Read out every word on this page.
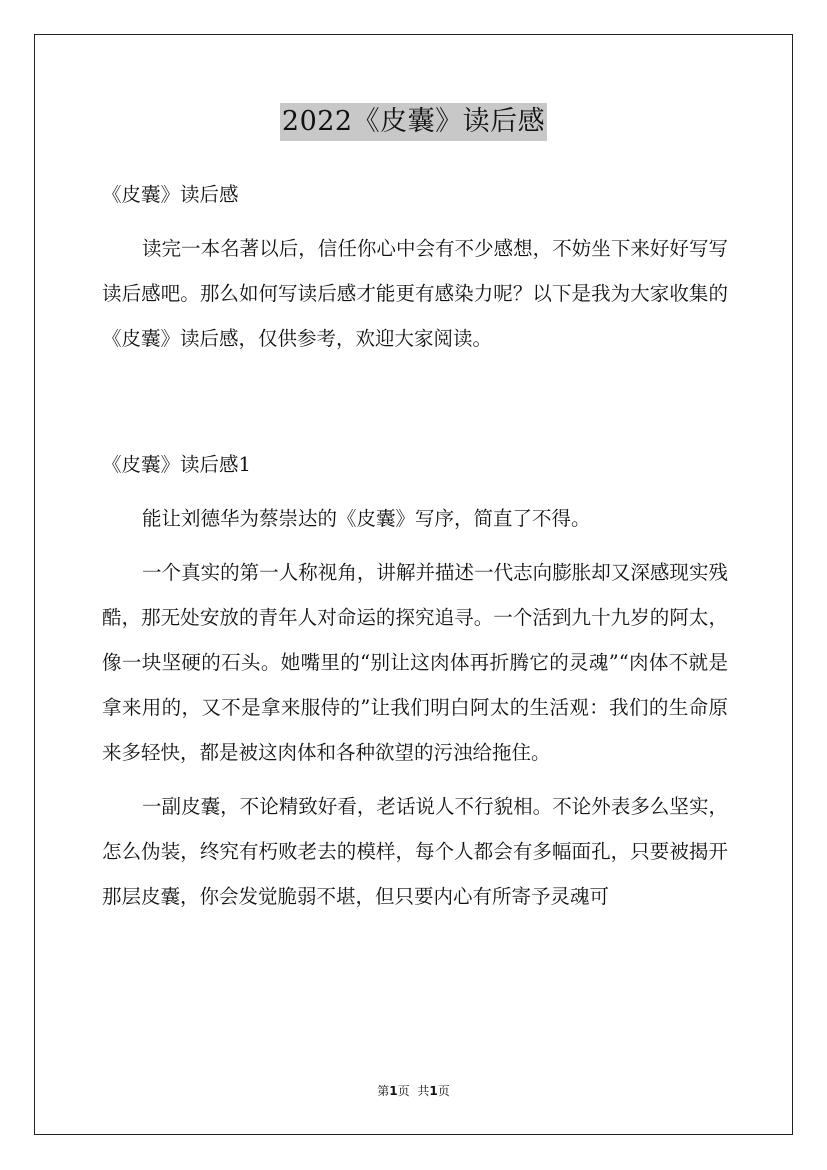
2022《皮囊》读后感
《皮囊》读后感
读完一本名著以后，信任你心中会有不少感想，不妨坐下来好好写写读后感吧。那么如何写读后感才能更有感染力呢？以下是我为大家收集的《皮囊》读后感，仅供参考，欢迎大家阅读。
《皮囊》读后感1
能让刘德华为蔡崇达的《皮囊》写序，简直了不得。
一个真实的第一人称视角，讲解并描述一代志向膨胀却又深感现实残酷，那无处安放的青年人对命运的探究追寻。一个活到九十九岁的阿太，像一块坚硬的石头。她嘴里的“别让这肉体再折腾它的灵魂”“肉体不就是拿来用的，又不是拿来服侍的”让我们明白阿太的生活观：我们的生命原来多轻快，都是被这肉体和各种欲望的污浊给拖住。
一副皮囊，不论精致好看，老话说人不行貌相。不论外表多么坚实，怎么伪装，终究有朽败老去的模样，每个人都会有多幅面孔，只要被揭开那层皮囊，你会发觉脆弱不堪，但只要内心有所寄予灵魂可
第1页 共1页
